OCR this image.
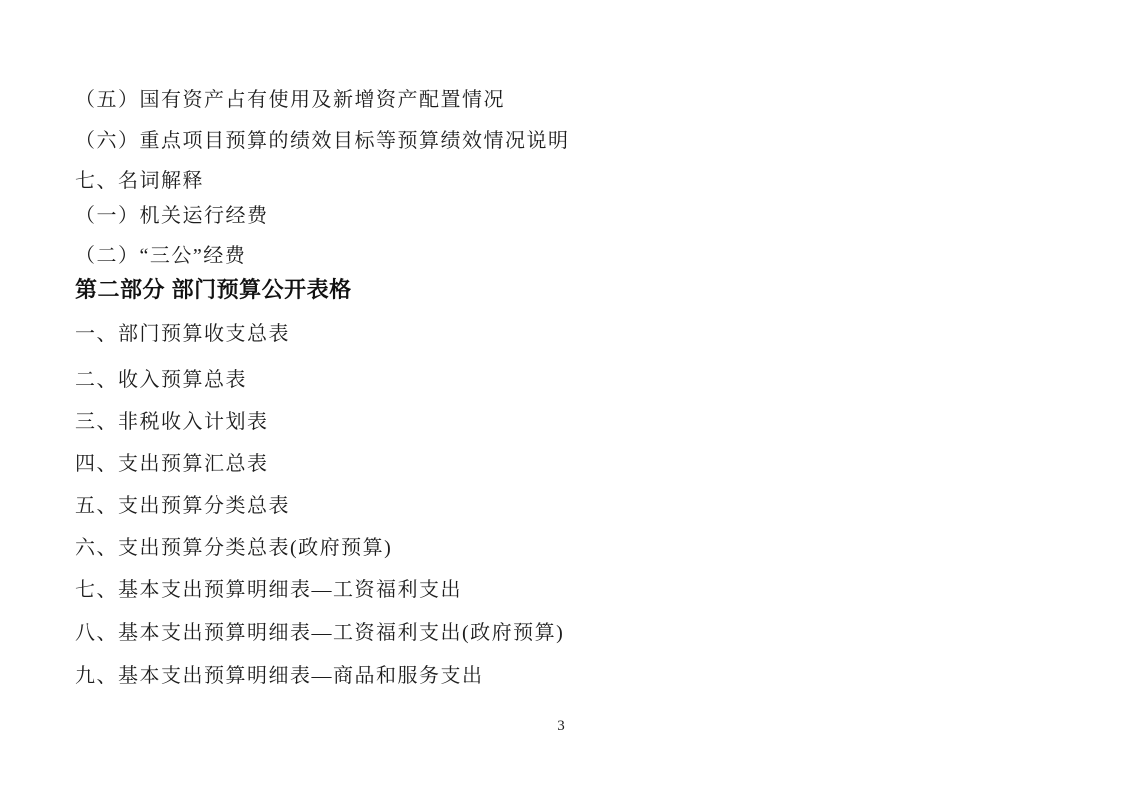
（五）国有资产占有使用及新增资产配置情况
（六）重点项目预算的绩效目标等预算绩效情况说明
七、名词解释
（一）机关运行经费
（二）“三公”经费
第二部分 部门预算公开表格
一、部门预算收支总表
二、收入预算总表
三、非税收入计划表
四、支出预算汇总表
五、支出预算分类总表
六、支出预算分类总表(政府预算)
七、基本支出预算明细表—工资福利支出
八、基本支出预算明细表—工资福利支出(政府预算)
九、基本支出预算明细表—商品和服务支出
3
